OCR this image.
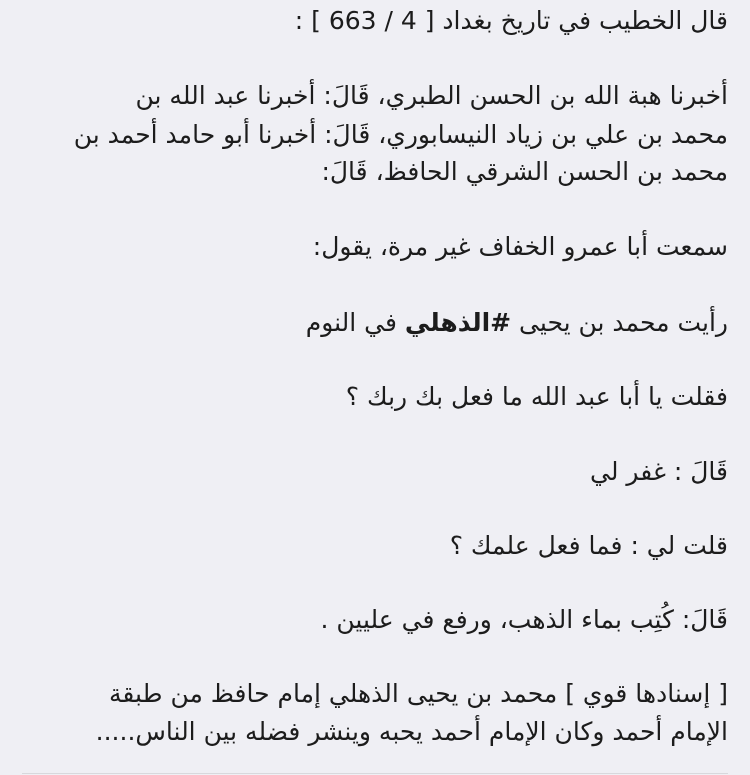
قال الخطيب في تاريخ بغداد [ 4 / 663 ] :
أخبرنا هبة الله بن الحسن الطبري، قَالَ: أخبرنا عبد الله بن
محمد بن علي بن زياد النيسابوري، قَالَ: أخبرنا أبو حامد أحمد بن
محمد بن الحسن الشرقي الحافظ، قَالَ:
سمعت أبا عمرو الخفاف غير مرة، يقول:
رأيت محمد بن يحيى #الذهلي في النوم
فقلت يا أبا عبد الله ما فعل بك ربك ؟
قَالَ : غفر لي
قلت لي : فما فعل علمك ؟
قَالَ: كُتِب بماء الذهب، ورفع في عليين .
[ إسنادها قوي ] محمد بن يحيى الذهلي إمام حافظ من طبقة
الإمام أحمد وكان الإمام أحمد يحبه وينشر فضله بين الناس.....
